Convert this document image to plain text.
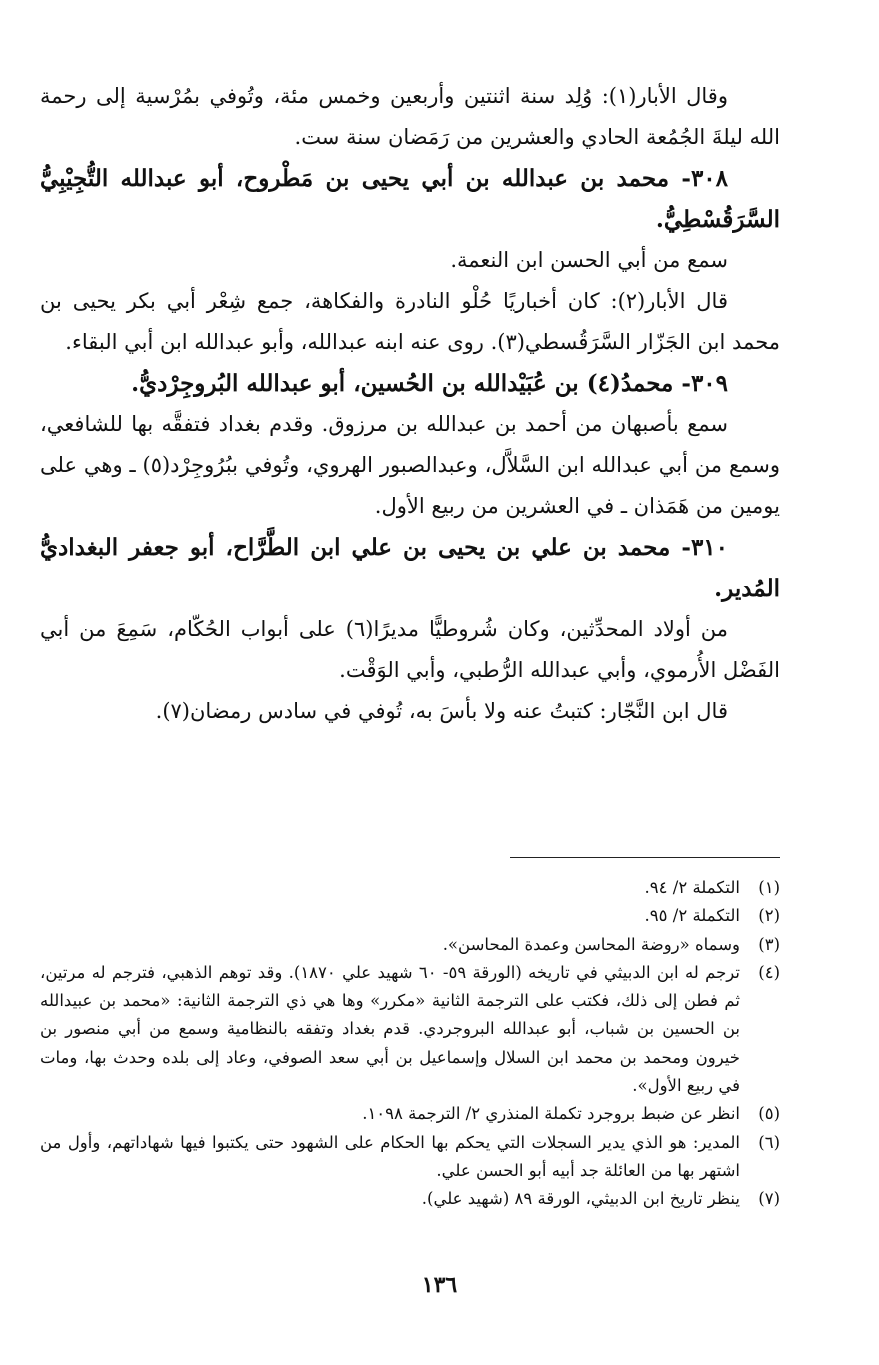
وقال الأبار(١): وُلِد سنة اثنتين وأربعين وخمس مئة، وتُوفي بمُرْسية إلى رحمة الله ليلةَ الجُمُعة الحادي والعشرين من رَمَضان سنة ست.

٣٠٨- محمد بن عبدالله بن أبي يحيى بن مَطْروح، أبو عبدالله التُّجِيْبِيُّ السَّرَقُسْطِيُّ.

سمع من أبي الحسن ابن النعمة.

قال الأبار(٢): كان أخباريًا حُلْو النادرة والفكاهة، جمع شِعْر أبي بكر يحيى بن محمد ابن الجَزّار السَّرَقُسطي(٣). روى عنه ابنه عبدالله، وأبو عبدالله ابن أبي البقاء.

٣٠٩- محمدُ(٤) بن عُبَيْدالله بن الحُسين، أبو عبدالله البُروجِرْديُّ.

سمع بأصبهان من أحمد بن عبدالله بن مرزوق. وقدم بغداد فتفقَّه بها للشافعي، وسمع من أبي عبدالله ابن السَّلاَّل، وعبدالصبور الهروي، وتُوفي ببُرُوجِرْد(٥) ـ وهي على يومين من هَمَذان ـ في العشرين من ربيع الأول.

٣١٠- محمد بن علي بن يحيى بن علي ابن الطَّرَّاح، أبو جعفر البغداديُّ المُدير.

من أولاد المحدِّثين، وكان شُروطيًّا مديرًا(٦) على أبواب الحُكّام، سَمِعَ من أبي الفَضْل الأُرموي، وأبي عبدالله الرُّطبي، وأبي الوَقْت.

قال ابن النَّجّار: كتبتُ عنه ولا بأسَ به، تُوفي في سادس رمضان(٧).

(١)
التكملة ٢/ ٩٤.
(٢)
التكملة ٢/ ٩٥.
(٣)
وسماه «روضة المحاسن وعمدة المحاسن».
(٤)
ترجم له ابن الدبيثي في تاريخه (الورقة ٥٩- ٦٠ شهيد علي ١٨٧٠). وقد توهم الذهبي، فترجم له مرتين، ثم فطن إلى ذلك، فكتب على الترجمة الثانية «مكرر» وها هي ذي الترجمة الثانية: «محمد بن عبيدالله بن الحسين بن شباب، أبو عبدالله البروجردي. قدم بغداد وتفقه بالنظامية وسمع من أبي منصور بن خيرون ومحمد بن محمد ابن السلال وإسماعيل بن أبي سعد الصوفي، وعاد إلى بلده وحدث بها، ومات في ربيع الأول».
(٥)
انظر عن ضبط بروجرد تكملة المنذري ٢/ الترجمة ١٠٩٨.
(٦)
المدير: هو الذي يدير السجلات التي يحكم بها الحكام على الشهود حتى يكتبوا فيها شهاداتهم، وأول من اشتهر بها من العائلة جد أبيه أبو الحسن علي.
(٧)
ينظر تاريخ ابن الدبيثي، الورقة ٨٩ (شهيد علي).
١٣٦
